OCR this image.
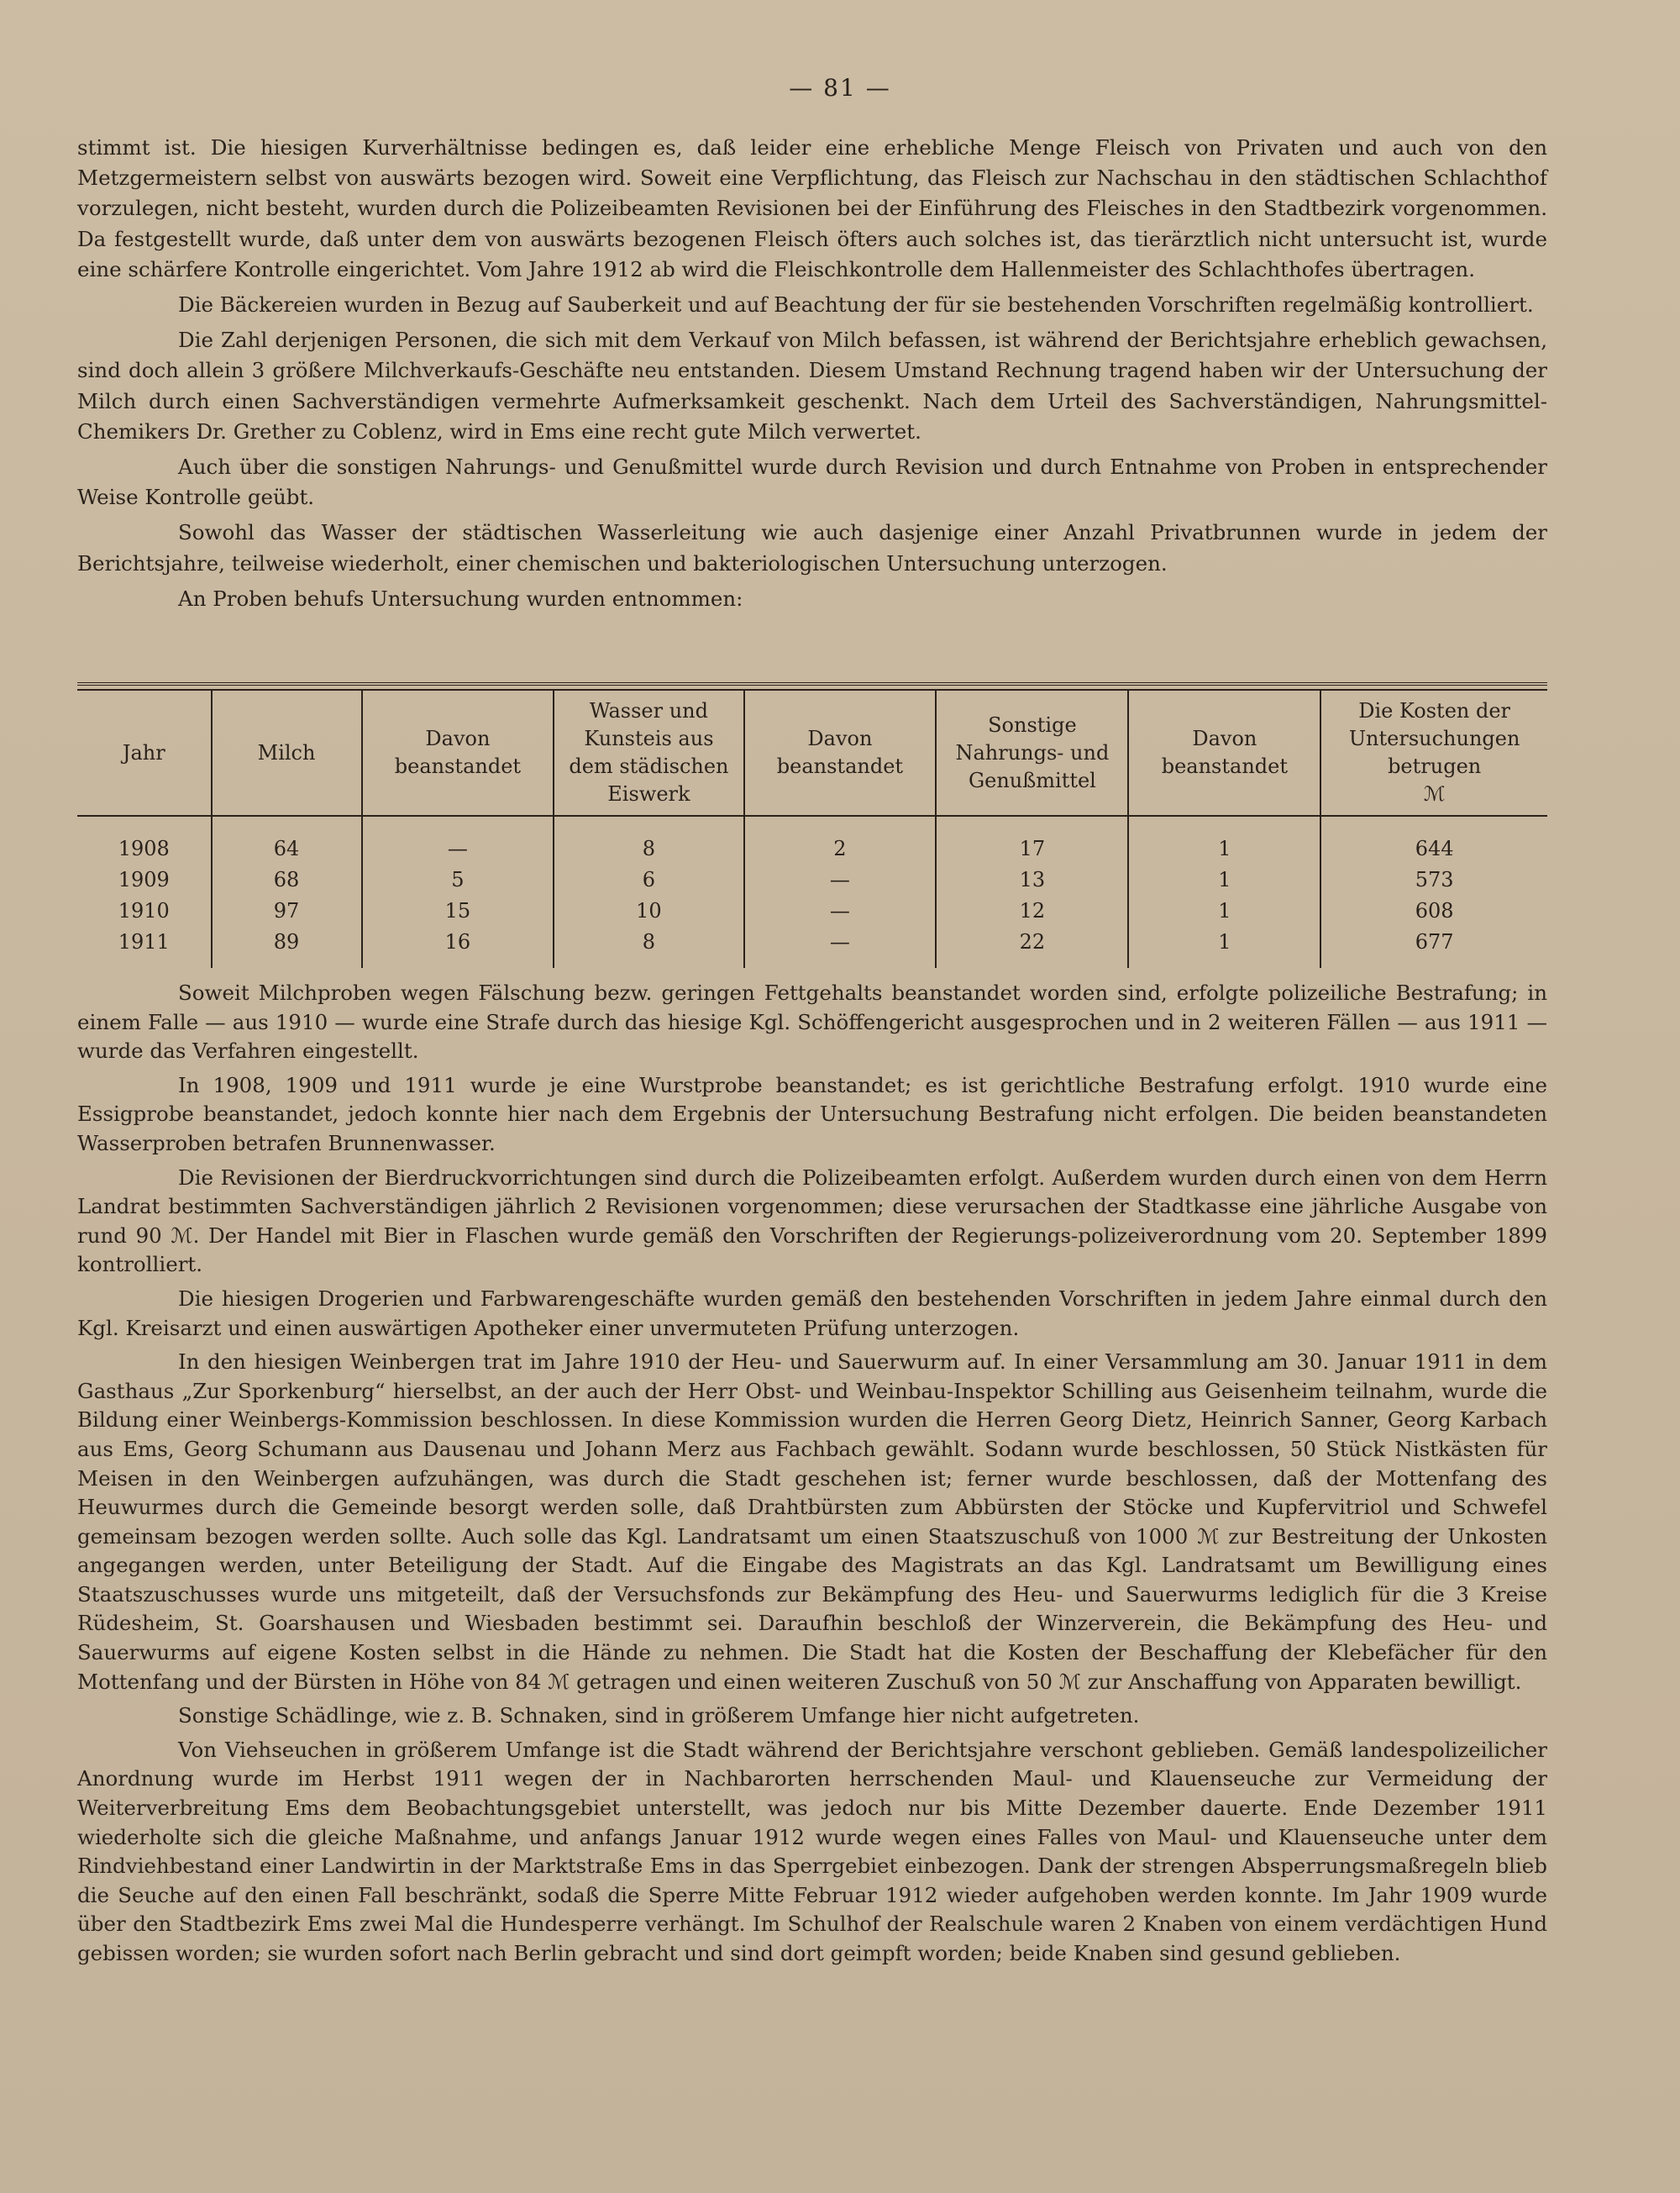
— 81 —

stimmt ist. Die hiesigen Kurverhältnisse bedingen es, daß leider eine erhebliche Menge Fleisch von Privaten und auch von den Metzgermeistern selbst von auswärts bezogen wird. Soweit eine Verpflichtung, das Fleisch zur Nachschau in den städtischen Schlachthof vorzulegen, nicht besteht, wurden durch die Polizeibeamten Revisionen bei der Einführung des Fleisches in den Stadtbezirk vorgenommen. Da festgestellt wurde, daß unter dem von auswärts bezogenen Fleisch öfters auch solches ist, das tierärztlich nicht untersucht ist, wurde eine schärfere Kontrolle eingerichtet. Vom Jahre 1912 ab wird die Fleischkontrolle dem Hallenmeister des Schlachthofes übertragen.

Die Bäckereien wurden in Bezug auf Sauberkeit und auf Beachtung der für sie bestehenden Vorschriften regelmäßig kontrolliert.

Die Zahl derjenigen Personen, die sich mit dem Verkauf von Milch befassen, ist während der Berichtsjahre erheblich gewachsen, sind doch allein 3 größere Milchverkaufs-Geschäfte neu entstanden. Diesem Umstand Rechnung tragend haben wir der Untersuchung der Milch durch einen Sachverständigen vermehrte Aufmerksamkeit geschenkt. Nach dem Urteil des Sachverständigen, Nahrungsmittel-Chemikers Dr. Grether zu Coblenz, wird in Ems eine recht gute Milch verwertet.

Auch über die sonstigen Nahrungs- und Genußmittel wurde durch Revision und durch Entnahme von Proben in entsprechender Weise Kontrolle geübt.

Sowohl das Wasser der städtischen Wasserleitung wie auch dasjenige einer Anzahl Privatbrunnen wurde in jedem der Berichtsjahre, teilweise wiederholt, einer chemischen und bakteriologischen Untersuchung unterzogen.

An Proben behufs Untersuchung wurden entnommen:

Jahr	Milch	Davon beanstandet	Wasser und Kunsteis aus dem städischen Eiswerk	Davon beanstandet	Sonstige Nahrungs- und Genußmittel	Davon beanstandet	Die Kosten der Untersuchungen betrugen
ℳ
1908	64	—	8	2	17	1	644
1909	68	5	6	—	13	1	573
1910	97	15	10	—	12	1	608
1911	89	16	8	—	22	1	677

Soweit Milchproben wegen Fälschung bezw. geringen Fettgehalts beanstandet worden sind, erfolgte polizeiliche Bestrafung; in einem Falle — aus 1910 — wurde eine Strafe durch das hiesige Kgl. Schöffengericht ausgesprochen und in 2 weiteren Fällen — aus 1911 — wurde das Verfahren eingestellt.

In 1908, 1909 und 1911 wurde je eine Wurstprobe beanstandet; es ist gerichtliche Bestrafung erfolgt. 1910 wurde eine Essigprobe beanstandet, jedoch konnte hier nach dem Ergebnis der Untersuchung Bestrafung nicht erfolgen. Die beiden beanstandeten Wasserproben betrafen Brunnenwasser.

Die Revisionen der Bierdruckvorrichtungen sind durch die Polizeibeamten erfolgt. Außerdem wurden durch einen von dem Herrn Landrat bestimmten Sachverständigen jährlich 2 Revisionen vorgenommen; diese verursachen der Stadtkasse eine jährliche Ausgabe von rund 90 ℳ. Der Handel mit Bier in Flaschen wurde gemäß den Vorschriften der Regierungs-polizeiverordnung vom 20. September 1899 kontrolliert.

Die hiesigen Drogerien und Farbwarengeschäfte wurden gemäß den bestehenden Vorschriften in jedem Jahre einmal durch den Kgl. Kreisarzt und einen auswärtigen Apotheker einer unvermuteten Prüfung unterzogen.

In den hiesigen Weinbergen trat im Jahre 1910 der Heu- und Sauerwurm auf. In einer Versammlung am 30. Januar 1911 in dem Gasthaus „Zur Sporkenburg“ hierselbst, an der auch der Herr Obst- und Weinbau-Inspektor Schilling aus Geisenheim teilnahm, wurde die Bildung einer Weinbergs-Kommission beschlossen. In diese Kommission wurden die Herren Georg Dietz, Heinrich Sanner, Georg Karbach aus Ems, Georg Schumann aus Dausenau und Johann Merz aus Fachbach gewählt. Sodann wurde beschlossen, 50 Stück Nistkästen für Meisen in den Weinbergen aufzuhängen, was durch die Stadt geschehen ist; ferner wurde beschlossen, daß der Mottenfang des Heuwurmes durch die Gemeinde besorgt werden solle, daß Drahtbürsten zum Abbürsten der Stöcke und Kupfervitriol und Schwefel gemeinsam bezogen werden sollte. Auch solle das Kgl. Landratsamt um einen Staatszuschuß von 1000 ℳ zur Bestreitung der Unkosten angegangen werden, unter Beteiligung der Stadt. Auf die Eingabe des Magistrats an das Kgl. Landratsamt um Bewilligung eines Staatszuschusses wurde uns mitgeteilt, daß der Versuchsfonds zur Bekämpfung des Heu- und Sauerwurms lediglich für die 3 Kreise Rüdesheim, St. Goarshausen und Wiesbaden bestimmt sei. Daraufhin beschloß der Winzerverein, die Bekämpfung des Heu- und Sauerwurms auf eigene Kosten selbst in die Hände zu nehmen. Die Stadt hat die Kosten der Beschaffung der Klebefächer für den Mottenfang und der Bürsten in Höhe von 84 ℳ getragen und einen weiteren Zuschuß von 50 ℳ zur Anschaffung von Apparaten bewilligt.

Sonstige Schädlinge, wie z. B. Schnaken, sind in größerem Umfange hier nicht aufgetreten.

Von Viehseuchen in größerem Umfange ist die Stadt während der Berichtsjahre verschont geblieben. Gemäß landespolizeilicher Anordnung wurde im Herbst 1911 wegen der in Nachbarorten herrschenden Maul- und Klauenseuche zur Vermeidung der Weiterverbreitung Ems dem Beobachtungsgebiet unterstellt, was jedoch nur bis Mitte Dezember dauerte. Ende Dezember 1911 wiederholte sich die gleiche Maßnahme, und anfangs Januar 1912 wurde wegen eines Falles von Maul- und Klauenseuche unter dem Rindviehbestand einer Landwirtin in der Marktstraße Ems in das Sperrgebiet einbezogen. Dank der strengen Absperrungsmaßregeln blieb die Seuche auf den einen Fall beschränkt, sodaß die Sperre Mitte Februar 1912 wieder aufgehoben werden konnte. Im Jahr 1909 wurde über den Stadtbezirk Ems zwei Mal die Hundesperre verhängt. Im Schulhof der Realschule waren 2 Knaben von einem verdächtigen Hund gebissen worden; sie wurden sofort nach Berlin gebracht und sind dort geimpft worden; beide Knaben sind gesund geblieben.
